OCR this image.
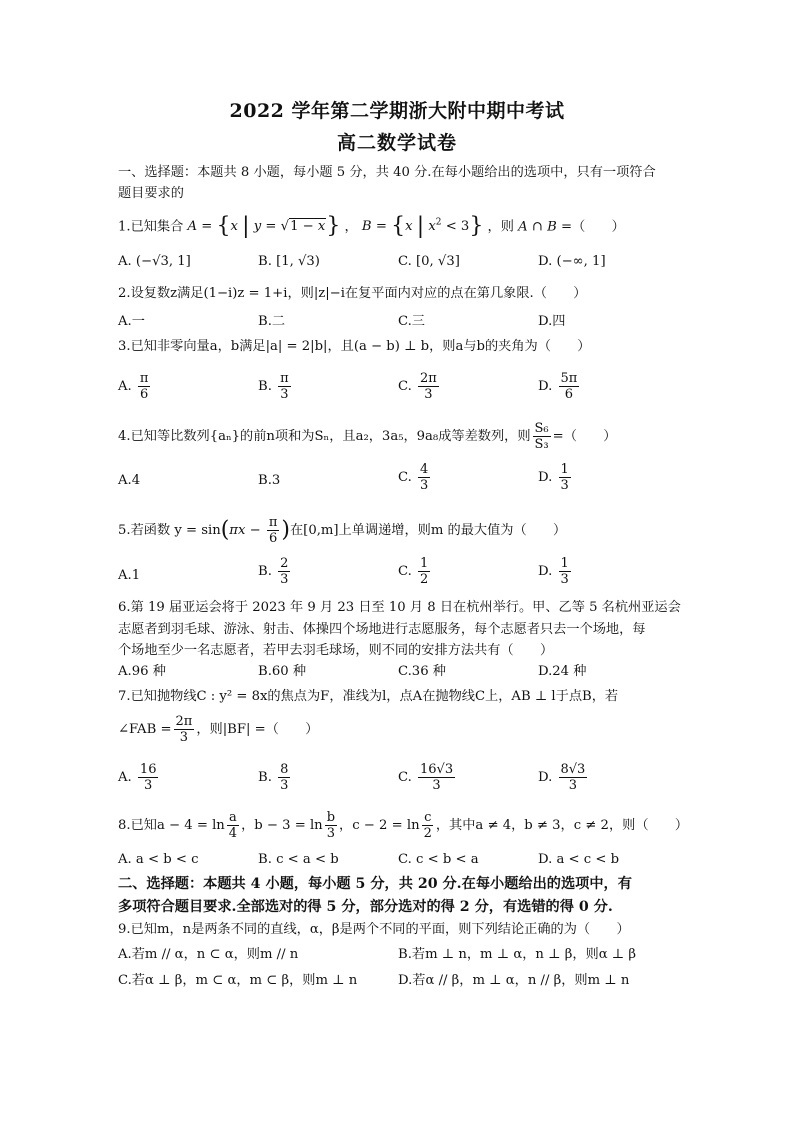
2022 学年第二学期浙大附中期中考试
高二数学试卷
一、选择题：本题共 8 小题，每小题 5 分，共 40 分.在每小题给出的选项中，只有一项符合
题目要求的
1.已知集合 A = {x | y = √1 − x} ， B = {x | $x^2 < 3$} ，则 A ∩ B =（　　）
A. (−√3, 1]	B. [1, √3)	C. [0, √3]	D. (−∞, 1]
2.设复数z满足(1−i)z = 1+i，则|z|−i在复平面内对应的点在第几象限.（　　）
A.一	B.二	C.三	D.四
3.已知非零向量a，b满足|a| = 2|b|，且(a − b) ⊥ b，则a与b的夹角为（　　）
A. $\frac{\pi}{6}$	B. $\frac{\pi}{3}$	C. $\frac{2\pi}{3}$	D. $\frac{5\pi}{6}$
4.已知等比数列{aₙ}的前n项和为Sₙ，且a₂，3a₅，9a₈成等差数列，则 $\frac{\text{S₆}}{\text{S₃}}$ =（　　）
A.4	B.3	C. $\frac{4}{3}$	D. $\frac{1}{3}$
5.若函数 $y = \sin(\pi x - \frac{\pi}{6}$ )在[0,m]上单调递增，则m 的最大值为（　　）
A.1	B. $\frac{2}{3}$	C. $\frac{1}{2}$	D. $\frac{1}{3}$
6.第 19 届亚运会将于 2023 年 9 月 23 日至 10 月 8 日在杭州举行。甲、乙等 5 名杭州亚运会
志愿者到羽毛球、游泳、射击、体操四个场地进行志愿服务，每个志愿者只去一个场地，每
个场地至少一名志愿者，若甲去羽毛球场，则不同的安排方法共有（　　）
A.96 种	B.60 种	C.36 种	D.24 种
7.已知抛物线C : y² = 8x的焦点为F，准线为l，点A在抛物线C上，AB ⊥ l于点B，若
∠FAB = $\frac{2\pi}{3}$ ，则|BF| =（　　）
A. $\frac{16}{3}$	B. $\frac{8}{3}$	C. $\frac{16√3}{3}$	D. $\frac{8√3}{3}$
8.已知$a - 4 = \ln \frac{a}{4}$ ，$b - 3 = \ln \frac{b}{3}$ ，$c - 2 = \ln \frac{c}{2}$ ，其中a ≠ 4，b ≠ 3，c ≠ 2，则（　　）
A. a < b < c	B. c < a < b	C. c < b < a	D. a < c < b
二、选择题：本题共 4 小题，每小题 5 分，共 20 分.在每小题给出的选项中，有
多项符合题目要求.全部选对的得 5 分，部分选对的得 2 分，有选错的得 0 分.
9.已知m，n是两条不同的直线，α，β是两个不同的平面，则下列结论正确的为（　　）
A.若m // α，n ⊂ α，则m // n	B.若m ⊥ n，m ⊥ α，n ⊥ β，则α ⊥ β
C.若α ⊥ β，m ⊂ α，m ⊂ β，则m ⊥ n	D.若α // β，m ⊥ α，n // β，则m ⊥ n
